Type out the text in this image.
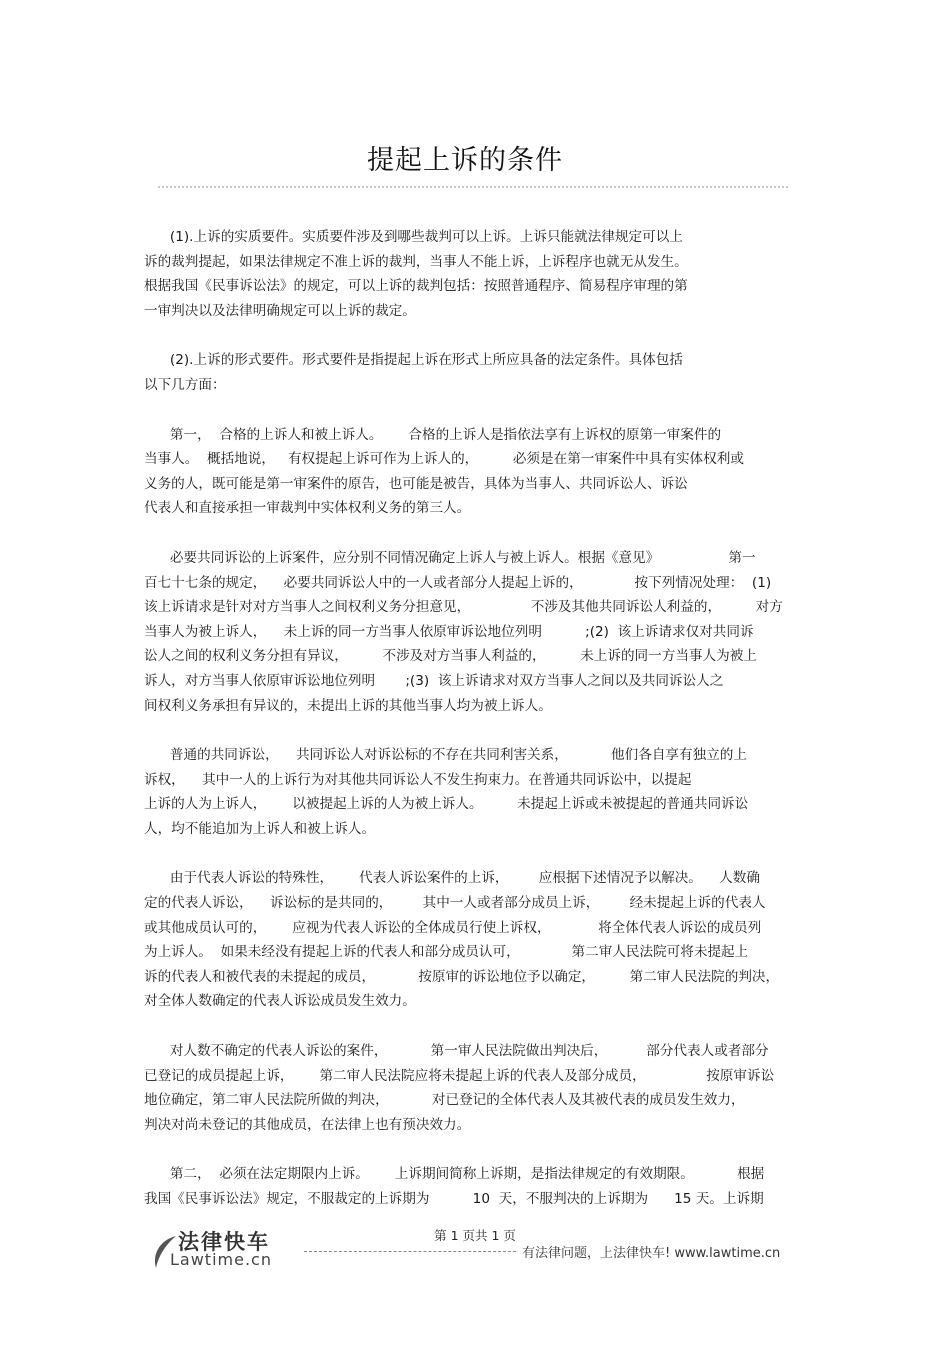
提起上诉的条件
(1).上诉的实质要件。实质要件涉及到哪些裁判可以上诉。上诉只能就法律规定可以上
诉的裁判提起，如果法律规定不准上诉的裁判，当事人不能上诉，上诉程序也就无从发生。
根据我国《民事诉讼法》的规定，可以上诉的裁判包括：按照普通程序、简易程序审理的第
一审判决以及法律明确规定可以上诉的裁定。
(2).上诉的形式要件。形式要件是指提起上诉在形式上所应具备的法定条件。具体包括
以下几方面：
第一，  合格的上诉人和被上诉人。      合格的上诉人是指依法享有上诉权的原第一审案件的
当事人。  概括地说，   有权提起上诉可作为上诉人的，        必须是在第一审案件中具有实体权利或
义务的人，既可能是第一审案件的原告，也可能是被告，具体为当事人、共同诉讼人、诉讼
代表人和直接承担一审裁判中实体权利义务的第三人。
必要共同诉讼的上诉案件，应分别不同情况确定上诉人与被上诉人。根据《意见》                第一
百七十七条的规定，    必要共同诉讼人中的一人或者部分人提起上诉的，            按下列情况处理：  (1)
该上诉请求是针对对方当事人之间权利义务分担意见，              不涉及其他共同诉讼人利益的，        对方
当事人为被上诉人，    未上诉的同一方当事人依原审诉讼地位列明          ;(2)  该上诉请求仅对共同诉
讼人之间的权利义务分担有异议，        不涉及对方当事人利益的，        未上诉的同一方当事人为被上
诉人，对方当事人依原审诉讼地位列明       ;(3)  该上诉请求对双方当事人之间以及共同诉讼人之
间权利义务承担有异议的，未提出上诉的其他当事人均为被上诉人。
普通的共同诉讼，    共同诉讼人对诉讼标的不存在共同利害关系，          他们各自享有独立的上
诉权，    其中一人的上诉行为对其他共同诉讼人不发生拘束力。在普通共同诉讼中，以提起
上诉的人为上诉人，      以被提起上诉的人为被上诉人。        未提起上诉或未被提起的普通共同诉讼
人，均不能追加为上诉人和被上诉人。
由于代表人诉讼的特殊性，      代表人诉讼案件的上诉，       应根据下述情况予以解决。    人数确
定的代表人诉讼，    诉讼标的是共同的，       其中一人或者部分成员上诉，       经未提起上诉的代表人
或其他成员认可的，      应视为代表人诉讼的全体成员行使上诉权，           将全体代表人诉讼的成员列
为上诉人。  如果未经没有提起上诉的代表人和部分成员认可，            第二审人民法院可将未提起上
诉的代表人和被代表的未提起的成员，          按原审的诉讼地位予以确定，        第二审人民法院的判决，
对全体人数确定的代表人诉讼成员发生效力。
对人数不确定的代表人诉讼的案件，          第一审人民法院做出判决后，         部分代表人或者部分
已登记的成员提起上诉，      第二审人民法院应将未提起上诉的代表人及部分成员，              按原审诉讼
地位确定，第二审人民法院所做的判决，          对已登记的全体代表人及其被代表的成员发生效力，
判决对尚未登记的其他成员，在法律上也有预决效力。
第二，  必须在法定期限内上诉。      上诉期间简称上诉期，是指法律规定的有效期限。          根据
我国《民事诉讼法》规定，不服裁定的上诉期为          10  天，不服判决的上诉期为      15 天。上诉期
第 1 页共 1 页
法律快车
Lawtime.cn	有法律问题，上法律快车! www.lawtime.cn
